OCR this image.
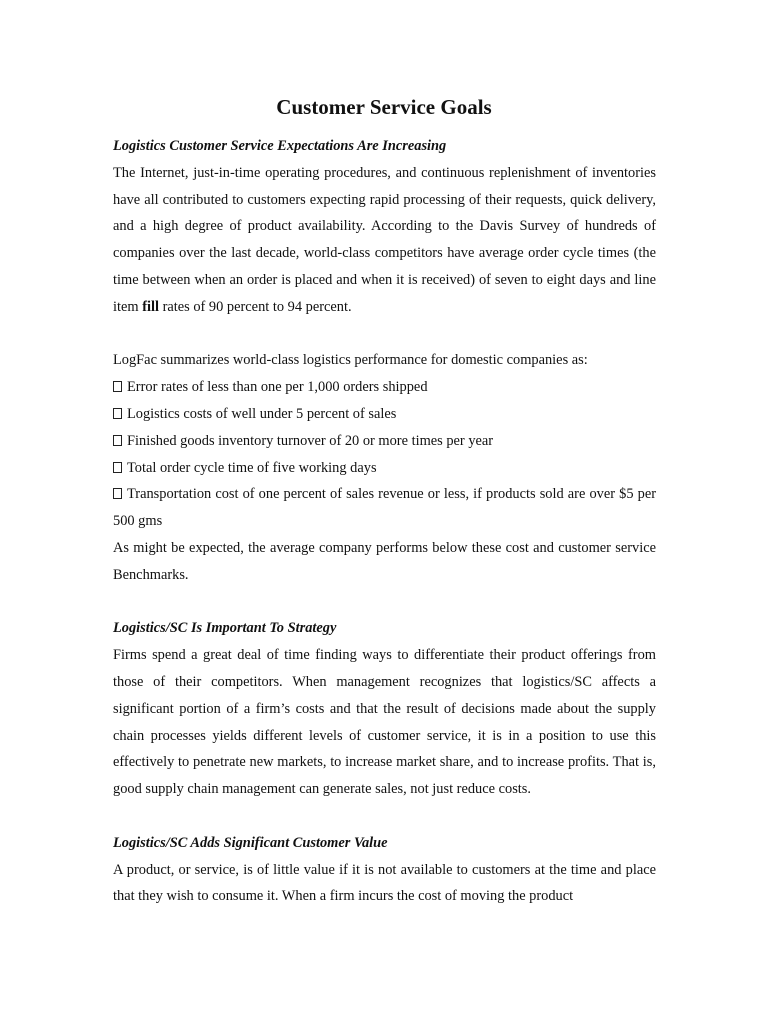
Customer Service Goals

Logistics Customer Service Expectations Are Increasing

The Internet, just-in-time operating procedures, and continuous replenishment of inventories have all contributed to customers expecting rapid processing of their requests, quick delivery, and a high degree of product availability. According to the Davis Survey of hundreds of companies over the last decade, world-class competitors have average order cycle times (the time between when an order is placed and when it is received) of seven to eight days and line item fill rates of 90 percent to 94 percent.

LogFac summarizes world-class logistics performance for domestic companies as:

Error rates of less than one per 1,000 orders shipped

Logistics costs of well under 5 percent of sales

Finished goods inventory turnover of 20 or more times per year

Total order cycle time of five working days

Transportation cost of one percent of sales revenue or less, if products sold are over $5 per 500 gms

As might be expected, the average company performs below these cost and customer service Benchmarks.

Logistics/SC Is Important To Strategy

Firms spend a great deal of time finding ways to differentiate their product offerings from those of their competitors. When management recognizes that logistics/SC affects a significant portion of a firm’s costs and that the result of decisions made about the supply chain processes yields different levels of customer service, it is in a position to use this effectively to penetrate new markets, to increase market share, and to increase profits. That is, good supply chain management can generate sales, not just reduce costs.

Logistics/SC Adds Significant Customer Value

A product, or service, is of little value if it is not available to customers at the time and place that they wish to consume it. When a firm incurs the cost of moving the product
